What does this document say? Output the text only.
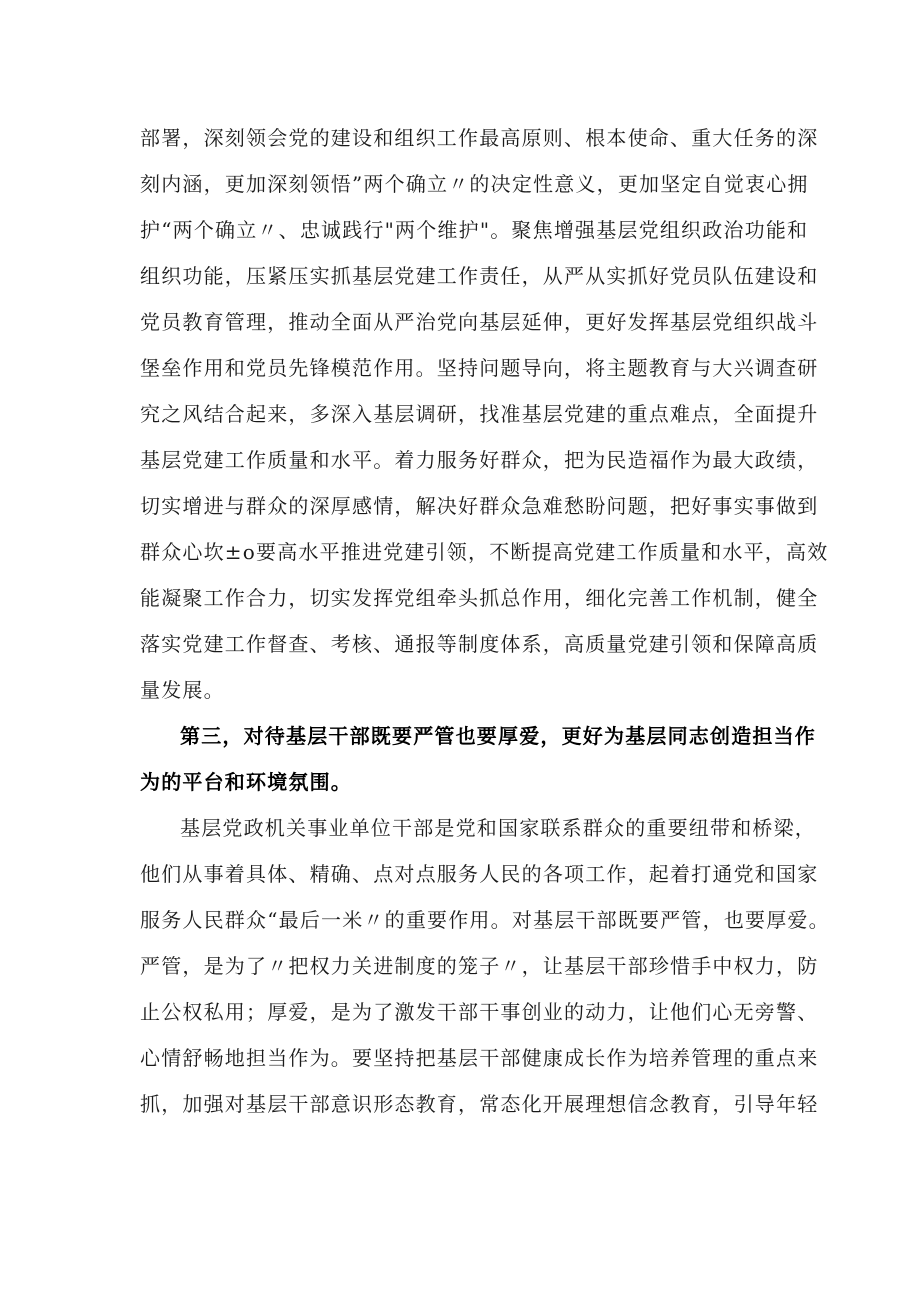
部署，深刻领会党的建设和组织工作最高原则、根本使命、重大任务的深
刻内涵，更加深刻领悟”两个确立〃的决定性意义，更加坚定自觉衷心拥
护“两个确立〃、忠诚践行"两个维护"。聚焦增强基层党组织政治功能和
组织功能，压紧压实抓基层党建工作责任，从严从实抓好党员队伍建设和
党员教育管理，推动全面从严治党向基层延伸，更好发挥基层党组织战斗
堡垒作用和党员先锋模范作用。坚持问题导向，将主题教育与大兴调查研
究之风结合起来，多深入基层调研，找准基层党建的重点难点，全面提升
基层党建工作质量和水平。着力服务好群众，把为民造福作为最大政绩，
切实增进与群众的深厚感情，解决好群众急难愁盼问题，把好事实事做到
群众心坎±o要高水平推进党建引领，不断提高党建工作质量和水平，高效
能凝聚工作合力，切实发挥党组牵头抓总作用，细化完善工作机制，健全
落实党建工作督查、考核、通报等制度体系，高质量党建引领和保障高质
量发展。
第三，对待基层干部既要严管也要厚爱，更好为基层同志创造担当作
为的平台和环境氛围。
基层党政机关事业单位干部是党和国家联系群众的重要纽带和桥梁，
他们从事着具体、精确、点对点服务人民的各项工作，起着打通党和国家
服务人民群众“最后一米〃的重要作用。对基层干部既要严管，也要厚爱。
严管，是为了〃把权力关进制度的笼子〃，让基层干部珍惜手中权力，防
止公权私用；厚爱，是为了激发干部干事创业的动力，让他们心无旁警、
心情舒畅地担当作为。要坚持把基层干部健康成长作为培养管理的重点来
抓，加强对基层干部意识形态教育，常态化开展理想信念教育，引导年轻
